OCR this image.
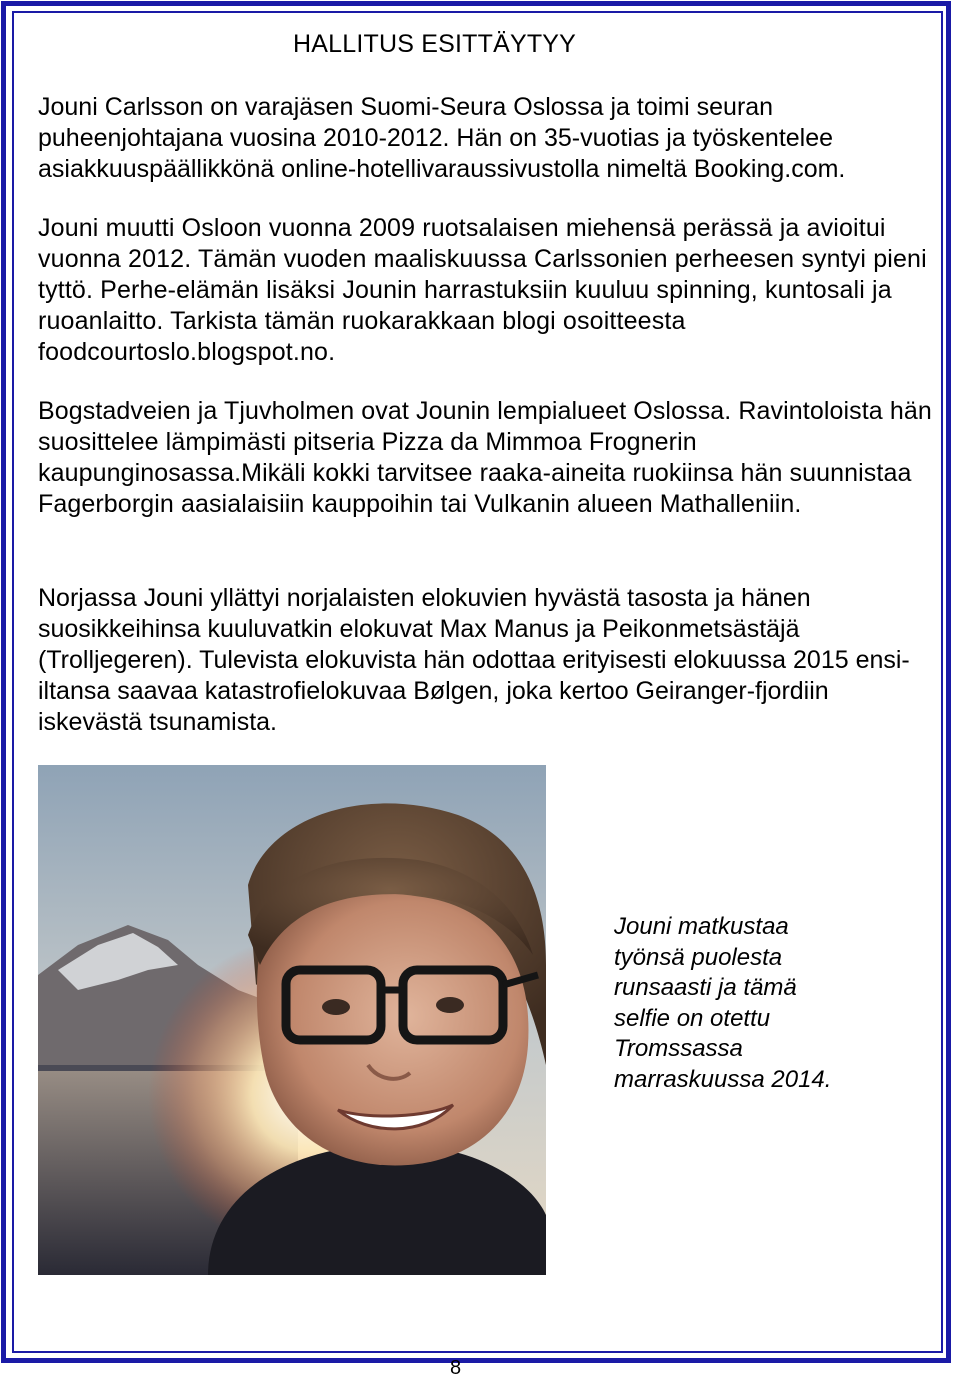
HALLITUS ESITTÄYTYY

Jouni Carlsson on varajäsen Suomi-Seura Oslossa ja toimi seuran puheenjohtajana vuosina 2010-2012. Hän on 35-vuotias ja työskentelee asiakkuuspäällikkönä online-hotellivaraussivustolla nimeltä Booking.com.

Jouni muutti Osloon vuonna 2009 ruotsalaisen miehensä perässä ja avioitui vuonna 2012. Tämän vuoden maaliskuussa Carlssonien perheesen syntyi pieni tyttö. Perhe-elämän lisäksi Jounin harrastuksiin kuuluu spinning, kuntosali ja ruoanlaitto. Tarkista tämän ruokarakkaan blogi osoitteesta foodcourtoslo.blogspot.no.

Bogstadveien ja Tjuvholmen ovat Jounin lempialueet Oslossa. Ravintoloista hän suosittelee lämpimästi pitseria Pizza da Mimmoa Frognerin kaupunginosassa.Mikäli kokki tarvitsee raaka-aineita ruokiinsa hän suunnistaa Fagerborgin aasialaisiin kauppoihin tai Vulkanin alueen Mathalleniin.

Norjassa Jouni yllättyi norjalaisten elokuvien hyvästä tasosta ja hänen suosikkeihinsa kuuluvatkin elokuvat Max Manus ja Peikonmetsästäjä (Trolljegeren). Tulevista elokuvista hän odottaa erityisesti elokuussa 2015 ensi-iltansa saavaa katastrofielokuvaa Bølgen, joka kertoo Geiranger-fjordiin iskevästä tsunamista.

Jouni matkustaa työnsä puolesta runsaasti ja tämä selfie on otettu Tromssassa marraskuussa 2014.

8
